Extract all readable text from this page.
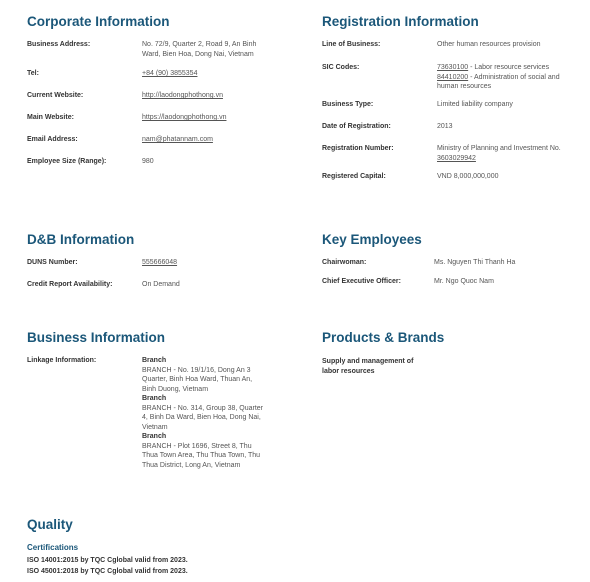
Corporate Information
Business Address:	No. 72/9, Quarter 2, Road 9, An Binh Ward, Bien Hoa, Dong Nai, Vietnam
Tel:	+84 (90) 3855354
Current Website:	http://laodongphothong.vn
Main Website:	https://laodongphothong.vn
Email Address:	nam@phatannam.com
Employee Size (Range):	980
Registration Information
Line of Business:	Other human resources provision
SIC Codes:	73630100 - Labor resource services
84410200 - Administration of social and human resources
Business Type:	Limited liability company
Date of Registration:	2013
Registration Number:	Ministry of Planning and Investment No. 3603029942
Registered Capital:	VND 8,000,000,000
D&B Information
DUNS Number:	555666048
Credit Report Availability:	On Demand
Key Employees
Chairwoman:	Ms. Nguyen Thi Thanh Ha
Chief Executive Officer:	Mr. Ngo Quoc Nam
Business Information
Linkage Information:	Branch
BRANCH - No. 19/1/16, Dong An 3 Quarter, Binh Hoa Ward, Thuan An, Binh Duong, Vietnam
Branch
BRANCH - No. 314, Group 38, Quarter 4, Binh Da Ward, Bien Hoa, Dong Nai, Vietnam
Branch
BRANCH - Plot 1696, Street 8, Thu Thua Town Area, Thu Thua Town, Thu Thua District, Long An, Vietnam
Products & Brands
Supply and management of labor resources
Quality
Certifications
ISO 14001:2015 by TQC Cglobal valid from 2023.
ISO 45001:2018 by TQC Cglobal valid from 2023.
